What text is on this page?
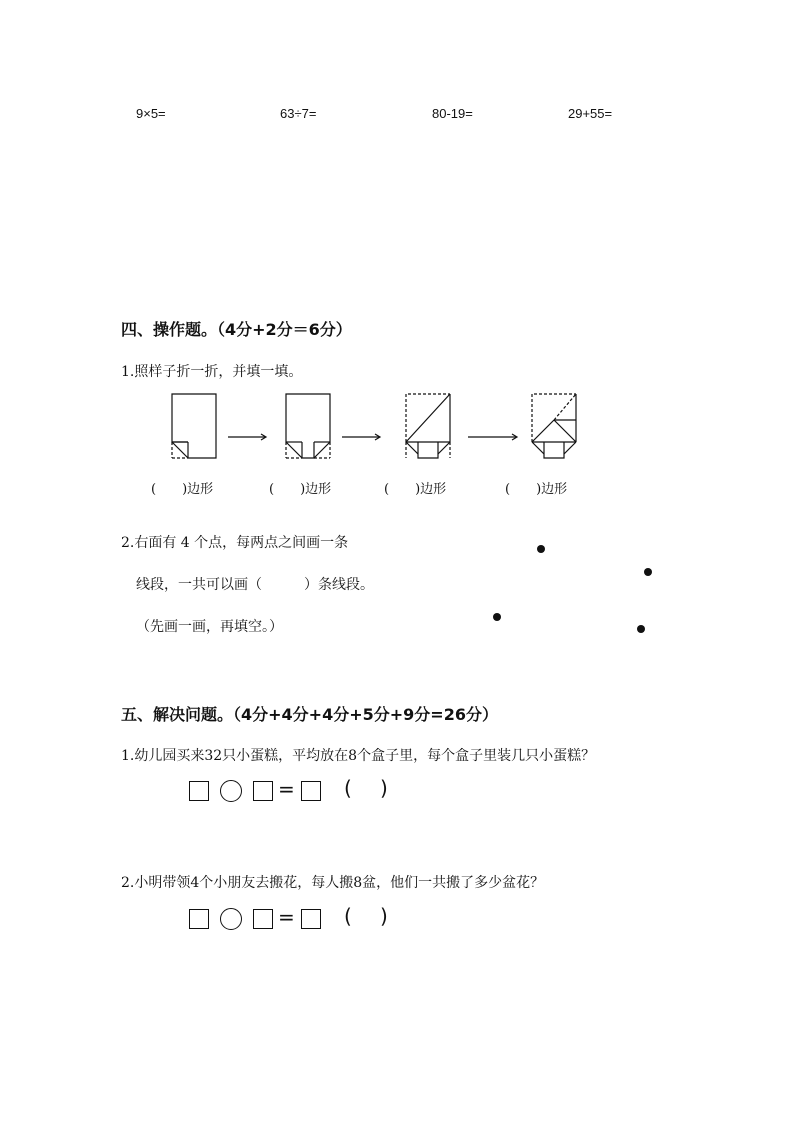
9×5=	63÷7=	80-19=	29+55=
四、操作题。（4分+2分＝6分）
1.照样子折一折，并填一填。
(　　)边形	(　　)边形	(　　)边形	(　　)边形
2.右面有 4 个点，每两点之间画一条
线段，一共可以画（　　　）条线段。
（先画一画，再填空。）
五、解决问题。（4分+4分+4分+5分+9分=26分）
1.幼儿园买来32只小蛋糕，平均放在8个盒子里，每个盒子里装几只小蛋糕？
= ( )
2.小明带领4个小朋友去搬花，每人搬8盆，他们一共搬了多少盆花？
= ( )
